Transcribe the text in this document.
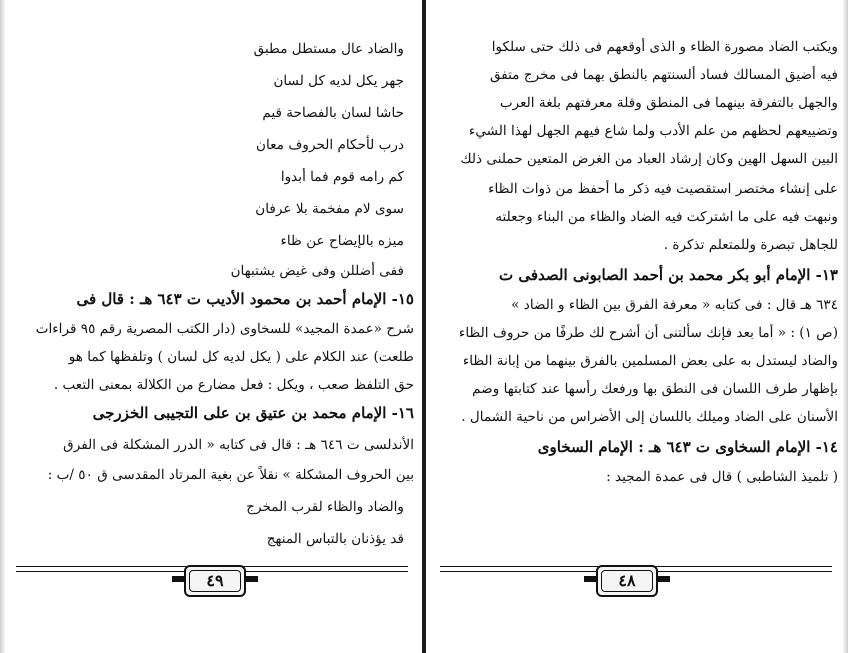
والضاد عال مستطل مطبق
جهر يكل لديه كل لسان
حاشا لسان بالفصاحة قيم
درب لأحكام الحروف معان
كم رامه قوم فما أبدوا
سوى لام مفخمة بلا عرفان
ميزه بالإيضاح عن ظاء
ففى أضللن وفى غيض يشتبهان
١٥- الإمام أحمد بن محمود الأديب ت ٦٤٣ هـ : قال فى
شرح «عمدة المجيد» للسخاوى (دار الكتب المصرية رقم ٩٥ قراءات
طلعت) عند الكلام على ( يكل لديه كل لسان ) وتلفظها كما هو
حق التلفظ صعب ، ويكل : فعل مضارع من الكلالة بمعنى التعب .
١٦- الإمام محمد بن عتيق بن على التجيبى الخزرجى
الأندلسى ت ٦٤٦ هـ : قال فى كتابه « الدرر المشكلة فى الفرق
بين الحروف المشكلة » نقلاً عن بغية المرتاد المقدسى ق ٥٠ /ب :
والضاد والظاء لقرب المخرج
قد يؤذنان بالتباس المنهج
٤٩
ويكتب الضاد مصورة الظاء و الذى أوقعهم فى ذلك حتى سلكوا
فيه أضيق المسالك فساد ألسنتهم بالنطق بهما فى مخرج متفق
والجهل بالتفرقة بينهما فى المنطق وقلة معرفتهم بلغة العرب
وتضييعهم لحظهم من علم الأدب ولما شاع فيهم الجهل لهذا الشيء
البين السهل الهين وكان إرشاد العباد من الغرض المتعين حملنى ذلك
على إنشاء مختصر استقصيت فيه ذكر ما أحفظ من ذوات الظاء
ونبهت فيه على ما اشتركت فيه الضاد والظاء من البناء وجعلته
للجاهل تبصرة وللمتعلم تذكرة .
١٣- الإمام أبو بكر محمد بن أحمد الصابونى الصدفى ت
٦٣٤ هـ قال : فى كتابه « معرفة الفرق بين الظاء و الضاد »
(ص ١) : « أما بعد فإنك سألتنى أن أشرح لك طرفًا من حروف الظاء
والضاد ليستدل به على بعض المسلمين بالفرق بينهما من إبانة الظاء
بإظهار طرف اللسان فى النطق بها ورفعك رأسها عند كتابتها وضم
الأسنان على الضاد وميلك باللسان إلى الأضراس من ناحية الشمال .
١٤- الإمام السخاوى ت ٦٤٣ هـ : الإمام السخاوى
( تلميذ الشاطبى ) قال فى عمدة المجيد :
٤٨
